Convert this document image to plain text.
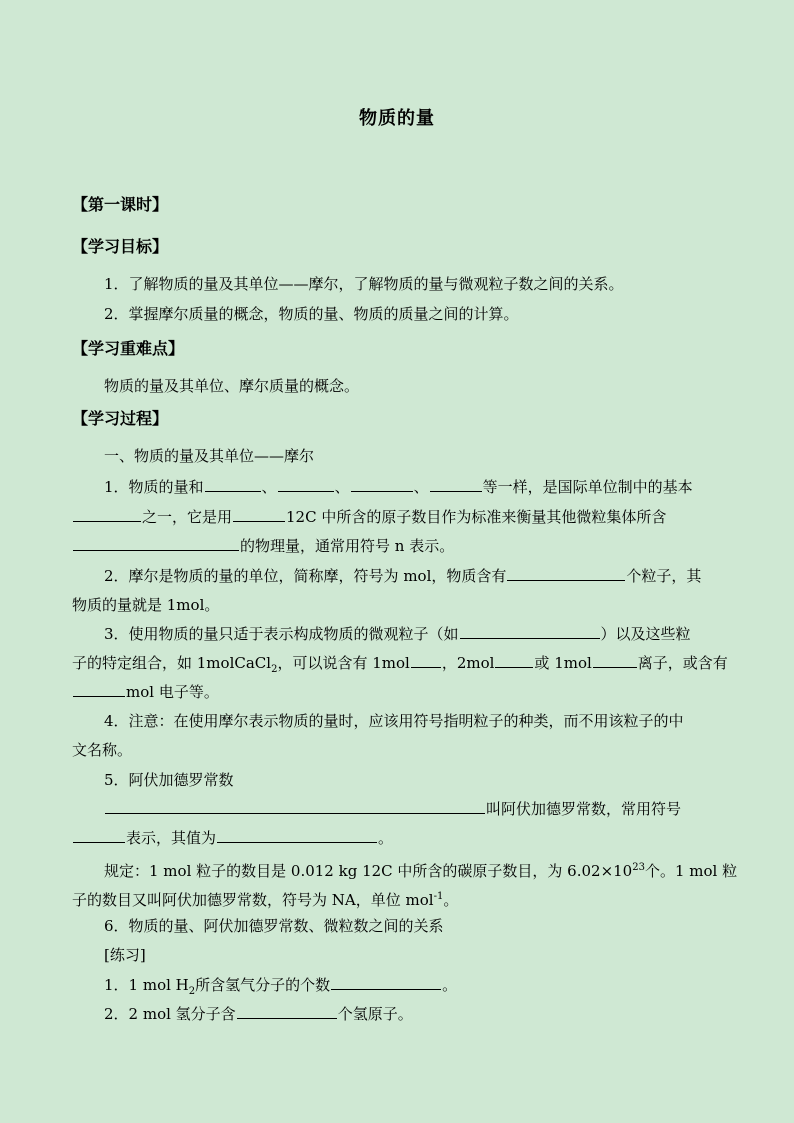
物质的量
【第一课时】
【学习目标】
1．了解物质的量及其单位——摩尔，了解物质的量与微观粒子数之间的关系。
2．掌握摩尔质量的概念，物质的量、物质的质量之间的计算。
【学习重难点】
物质的量及其单位、摩尔质量的概念。
【学习过程】
一、物质的量及其单位——摩尔
1．物质的量和	、	、	、	等一样，是国际单位制中的基本
之一，它是用	12C 中所含的原子数目作为标准来衡量其他微粒集体所含
的物理量，通常用符号 n 表示。
2．摩尔是物质的量的单位，简称摩，符号为 mol，物质含有	个粒子，其
物质的量就是 1mol。
3．使用物质的量只适于表示构成物质的微观粒子（如	）以及这些粒
子的特定组合，如 1molCaCl$_2$，可以说含有 1mol ，2mol	或 1mol	离子，或含有
mol 电子等。
4．注意：在使用摩尔表示物质的量时，应该用符号指明粒子的种类，而不用该粒子的中
文名称。
5．阿伏加德罗常数
叫阿伏加德罗常数，常用符号
表示，其值为	。
规定：1 mol 粒子的数目是 0.012 kg 12C 中所含的碳原子数目，为 $6.02\times 10^{23}$个。1 mol 粒
子的数目又叫阿伏加德罗常数，符号为 NA，单位 mol$^{-1}$。
6．物质的量、阿伏加德罗常数、微粒数之间的关系
[练习]
1．1 mol $H_2$所含氢气分子的个数	。
2．2 mol 氢分子含	个氢原子。
